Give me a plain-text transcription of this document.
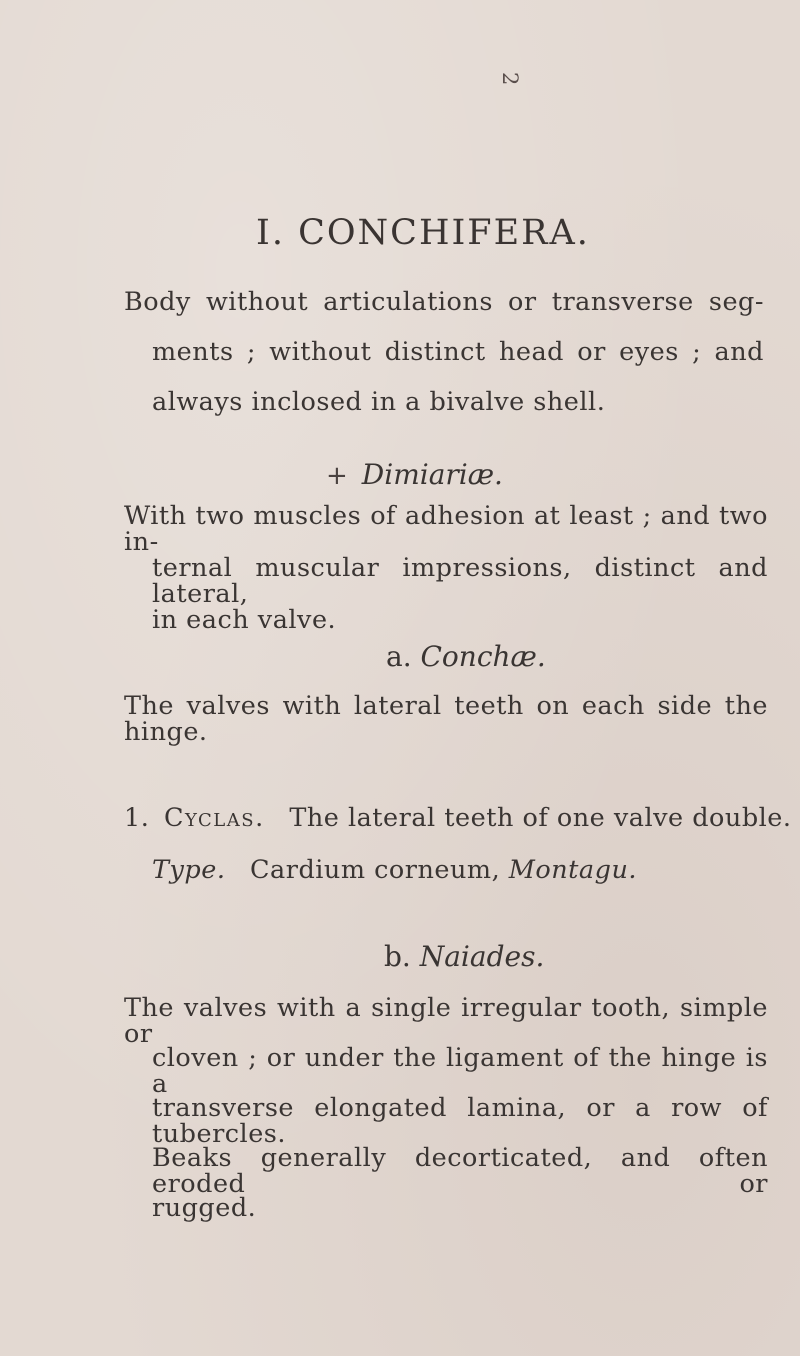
2
I. CONCHIFERA.
Body without articulations or transverse seg-
ments ; without distinct head or eyes ; and
always inclosed in a bivalve shell.
+ Dimiariæ.
With two muscles of adhesion at least ; and two in-
ternal muscular impressions, distinct and lateral,
in each valve.
a. Conchæ.
The valves with lateral teeth on each side the hinge.
1. Cyclas. The lateral teeth of one valve double.
Type. Cardium corneum, Montagu.
b. Naiades.
The valves with a single irregular tooth, simple or
cloven ; or under the ligament of the hinge is a
transverse elongated lamina, or a row of tubercles.
Beaks generally decorticated, and often eroded or
rugged.
